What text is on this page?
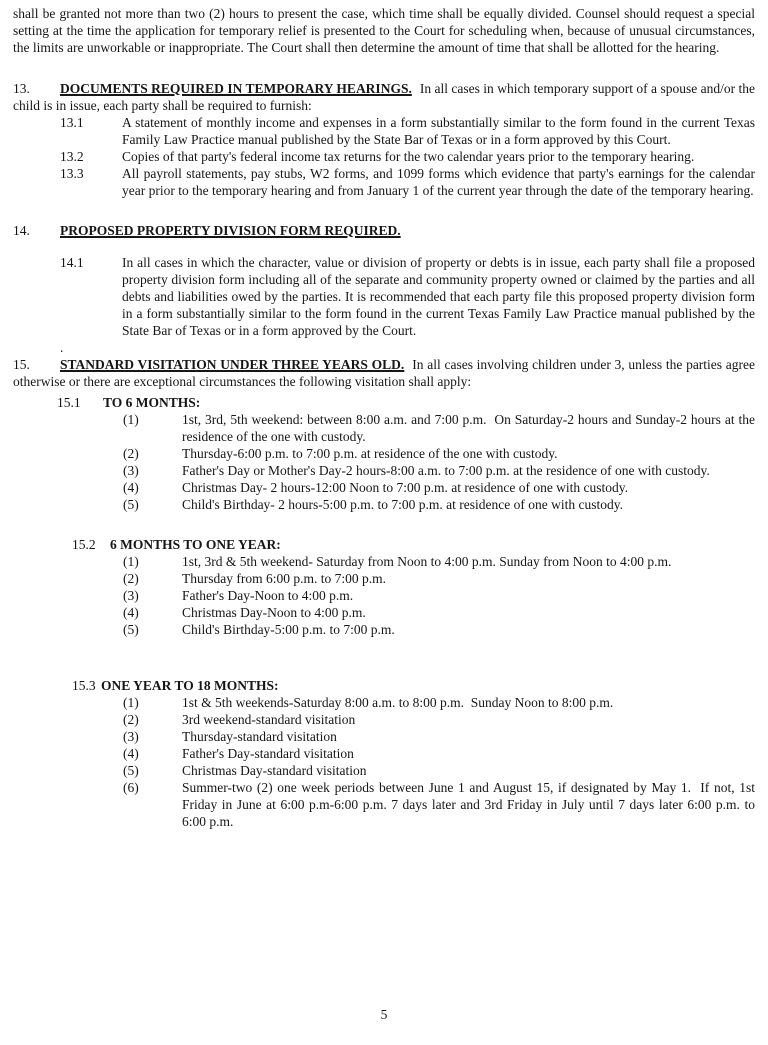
shall be granted not more than two (2) hours to present the case, which time shall be equally divided. Counsel should request a special setting at the time the application for temporary relief is presented to the Court for scheduling when, because of unusual circumstances, the limits are unworkable or inappropriate. The Court shall then determine the amount of time that shall be allotted for the hearing.

13. DOCUMENTS REQUIRED IN TEMPORARY HEARINGS. In all cases in which temporary support of a spouse and/or the child is in issue, each party shall be required to furnish:

13.1	A statement of monthly income and expenses in a form substantially similar to the form found in the current Texas Family Law Practice manual published by the State Bar of Texas or in a form approved by this Court.
13.2	Copies of that party's federal income tax returns for the two calendar years prior to the temporary hearing.
13.3	All payroll statements, pay stubs, W2 forms, and 1099 forms which evidence that party's earnings for the calendar year prior to the temporary hearing and from January 1 of the current year through the date of the temporary hearing.

14. PROPOSED PROPERTY DIVISION FORM REQUIRED.

14.1	In all cases in which the character, value or division of property or debts is in issue, each party shall file a proposed property division form including all of the separate and community property owned or claimed by the parties and all debts and liabilities owed by the parties. It is recommended that each party file this proposed property division form in a form substantially similar to the form found in the current Texas Family Law Practice manual published by the State Bar of Texas or in a form approved by the Court.

.

15. STANDARD VISITATION UNDER THREE YEARS OLD. In all cases involving children under 3, unless the parties agree otherwise or there are exceptional circumstances the following visitation shall apply:

15.1 TO 6 MONTHS:

(1)	1st, 3rd, 5th weekend: between 8:00 a.m. and 7:00 p.m.  On Saturday-2 hours and Sunday-2 hours at the residence of the one with custody.
(2)	Thursday-6:00 p.m. to 7:00 p.m. at residence of the one with custody.
(3)	Father's Day or Mother's Day-2 hours-8:00 a.m. to 7:00 p.m. at the residence of one with custody.
(4)	Christmas Day- 2 hours-12:00 Noon to 7:00 p.m. at residence of one with custody.
(5)	Child's Birthday- 2 hours-5:00 p.m. to 7:00 p.m. at residence of one with custody.

15.2 6 MONTHS TO ONE YEAR:

(1)	1st, 3rd & 5th weekend- Saturday from Noon to 4:00 p.m. Sunday from Noon to 4:00 p.m.
(2)	Thursday from 6:00 p.m. to 7:00 p.m.
(3)	Father's Day-Noon to 4:00 p.m.
(4)	Christmas Day-Noon to 4:00 p.m.
(5)	Child's Birthday-5:00 p.m. to 7:00 p.m.

15.3 ONE YEAR TO 18 MONTHS:

(1)	1st & 5th weekends-Saturday 8:00 a.m. to 8:00 p.m.  Sunday Noon to 8:00 p.m.
(2)	3rd weekend-standard visitation
(3)	Thursday-standard visitation
(4)	Father's Day-standard visitation
(5)	Christmas Day-standard visitation
(6)	Summer-two (2) one week periods between June 1 and August 15, if designated by May 1.  If not, 1st Friday in June at 6:00 p.m-6:00 p.m. 7 days later and 3rd Friday in July until 7 days later 6:00 p.m. to 6:00 p.m.
5
